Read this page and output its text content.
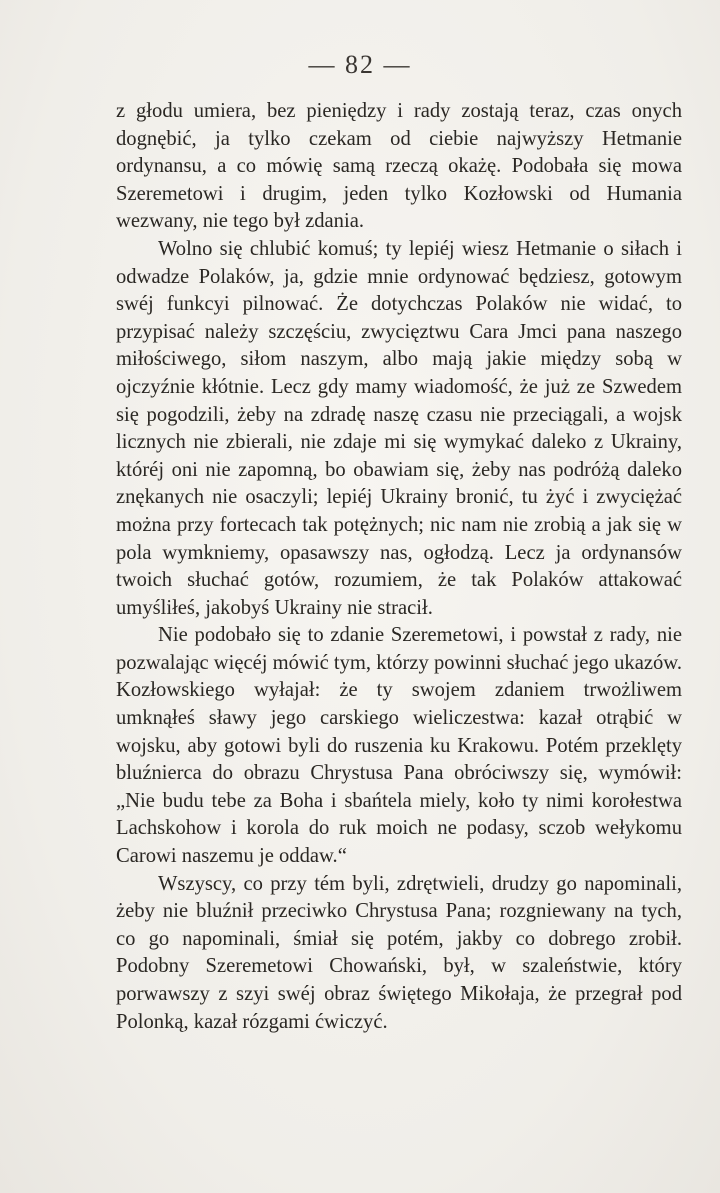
— 82 —

z głodu umiera, bez pieniędzy i rady zostają teraz, czas onych dognębić, ja tylko czekam od ciebie najwyższy Hetmanie ordynansu, a co mówię samą rzeczą okażę. Podobała się mowa Szeremetowi i drugim, jeden tylko Kozłowski od Humania wezwany, nie tego był zdania.

Wolno się chlubić komuś; ty lepiéj wiesz Hetmanie o siłach i odwadze Polaków, ja, gdzie mnie ordynować będziesz, gotowym swéj funkcyi pilnować. Że dotychczas Polaków nie widać, to przypisać należy szczęściu, zwycięztwu Cara Jmci pana naszego miłościwego, siłom naszym, albo mają jakie między sobą w ojczyźnie kłótnie. Lecz gdy mamy wiadomość, że już ze Szwedem się pogodzili, żeby na zdradę naszę czasu nie przeciągali, a wojsk licznych nie zbierali, nie zdaje mi się wymykać daleko z Ukrainy, któréj oni nie zapomną, bo obawiam się, żeby nas podróżą daleko znękanych nie osaczyli; lepiéj Ukrainy bronić, tu żyć i zwyciężać można przy fortecach tak potężnych; nic nam nie zrobią a jak się w pola wymkniemy, opasawszy nas, ogłodzą. Lecz ja ordynansów twoich słuchać gotów, rozumiem, że tak Polaków attakować umyśliłeś, jakobyś Ukrainy nie stracił.

Nie podobało się to zdanie Szeremetowi, i powstał z rady, nie pozwalając więcéj mówić tym, którzy powinni słuchać jego ukazów. Kozłowskiego wyłajał: że ty swojem zdaniem trwożliwem umknąłeś sławy jego carskiego wieliczestwa: kazał otrąbić w wojsku, aby gotowi byli do ruszenia ku Krakowu. Potém przeklęty bluźnierca do obrazu Chrystusa Pana obróciwszy się, wymówił: „Nie budu tebe za Boha i sbańtela miely, koło ty nimi korołestwa Lachskohow i korola do ruk moich ne podasy, sczob wełykomu Carowi naszemu je oddaw.“

Wszyscy, co przy tém byli, zdrętwieli, drudzy go napominali, żeby nie bluźnił przeciwko Chrystusa Pana; rozgniewany na tych, co go napominali, śmiał się potém, jakby co dobrego zrobił. Podobny Szeremetowi Chowański, był, w szaleństwie, który porwawszy z szyi swéj obraz świętego Mikołaja, że przegrał pod Polonką, kazał rózgami ćwiczyć.
